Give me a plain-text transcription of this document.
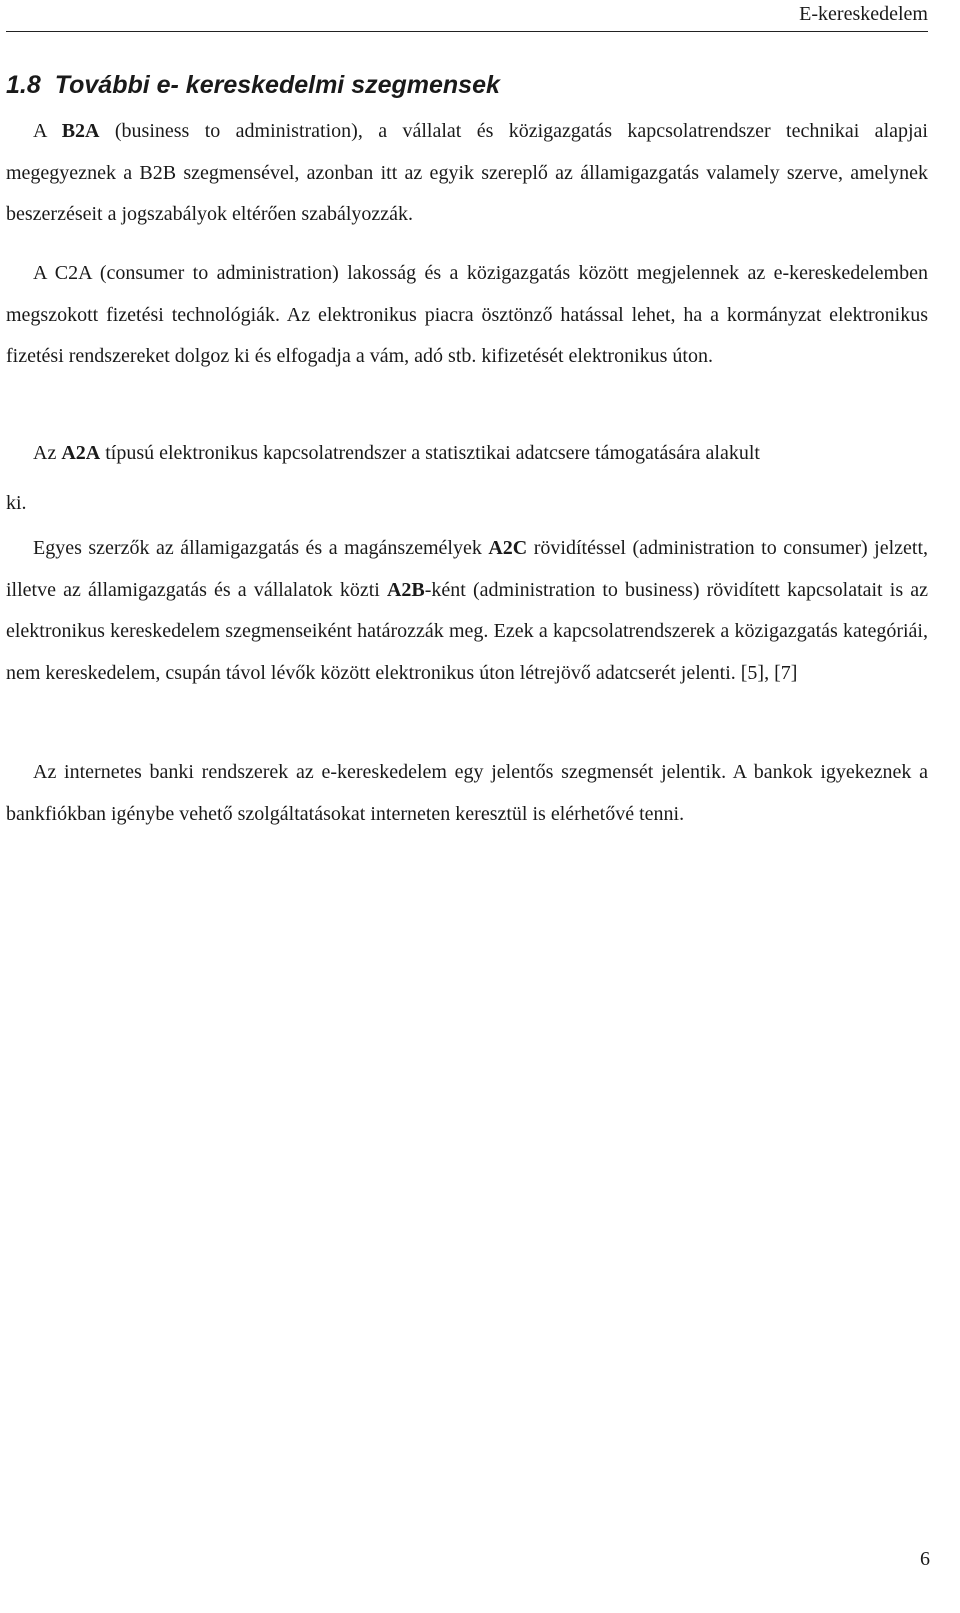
E-kereskedelem
1.8 További e- kereskedelmi szegmensek

A B2A (business to administration), a vállalat és közigazgatás kapcsolatrendszer technikai alapjai megegyeznek a B2B szegmensével, azonban itt az egyik szereplő az államigazgatás valamely szerve, amelynek beszerzéseit a jogszabályok eltérően szabályozzák.

A C2A (consumer to administration) lakosság és a közigazgatás között megjelennek az e-kereskedelemben megszokott fizetési technológiák. Az elektronikus piacra ösztönző hatással lehet, ha a kormányzat elektronikus fizetési rendszereket dolgoz ki és elfogadja a vám, adó stb. kifizetését elektronikus úton.

Az A2A típusú elektronikus kapcsolatrendszer a statisztikai adatcsere támogatására alakult
ki.

Egyes szerzők az államigazgatás és a magánszemélyek A2C rövidítéssel (administration to consumer) jelzett, illetve az államigazgatás és a vállalatok közti A2B-ként (administration to business) rövidített kapcsolatait is az elektronikus kereskedelem szegmenseiként határozzák meg. Ezek a kapcsolatrendszerek a közigazgatás kategóriái, nem kereskedelem, csupán távol lévők között elektronikus úton létrejövő adatcserét jelenti. [5], [7]

Az internetes banki rendszerek az e-kereskedelem egy jelentős szegmensét jelentik. A bankok igyekeznek a bankfiókban igénybe vehető szolgáltatásokat interneten keresztül is elérhetővé tenni.

6
